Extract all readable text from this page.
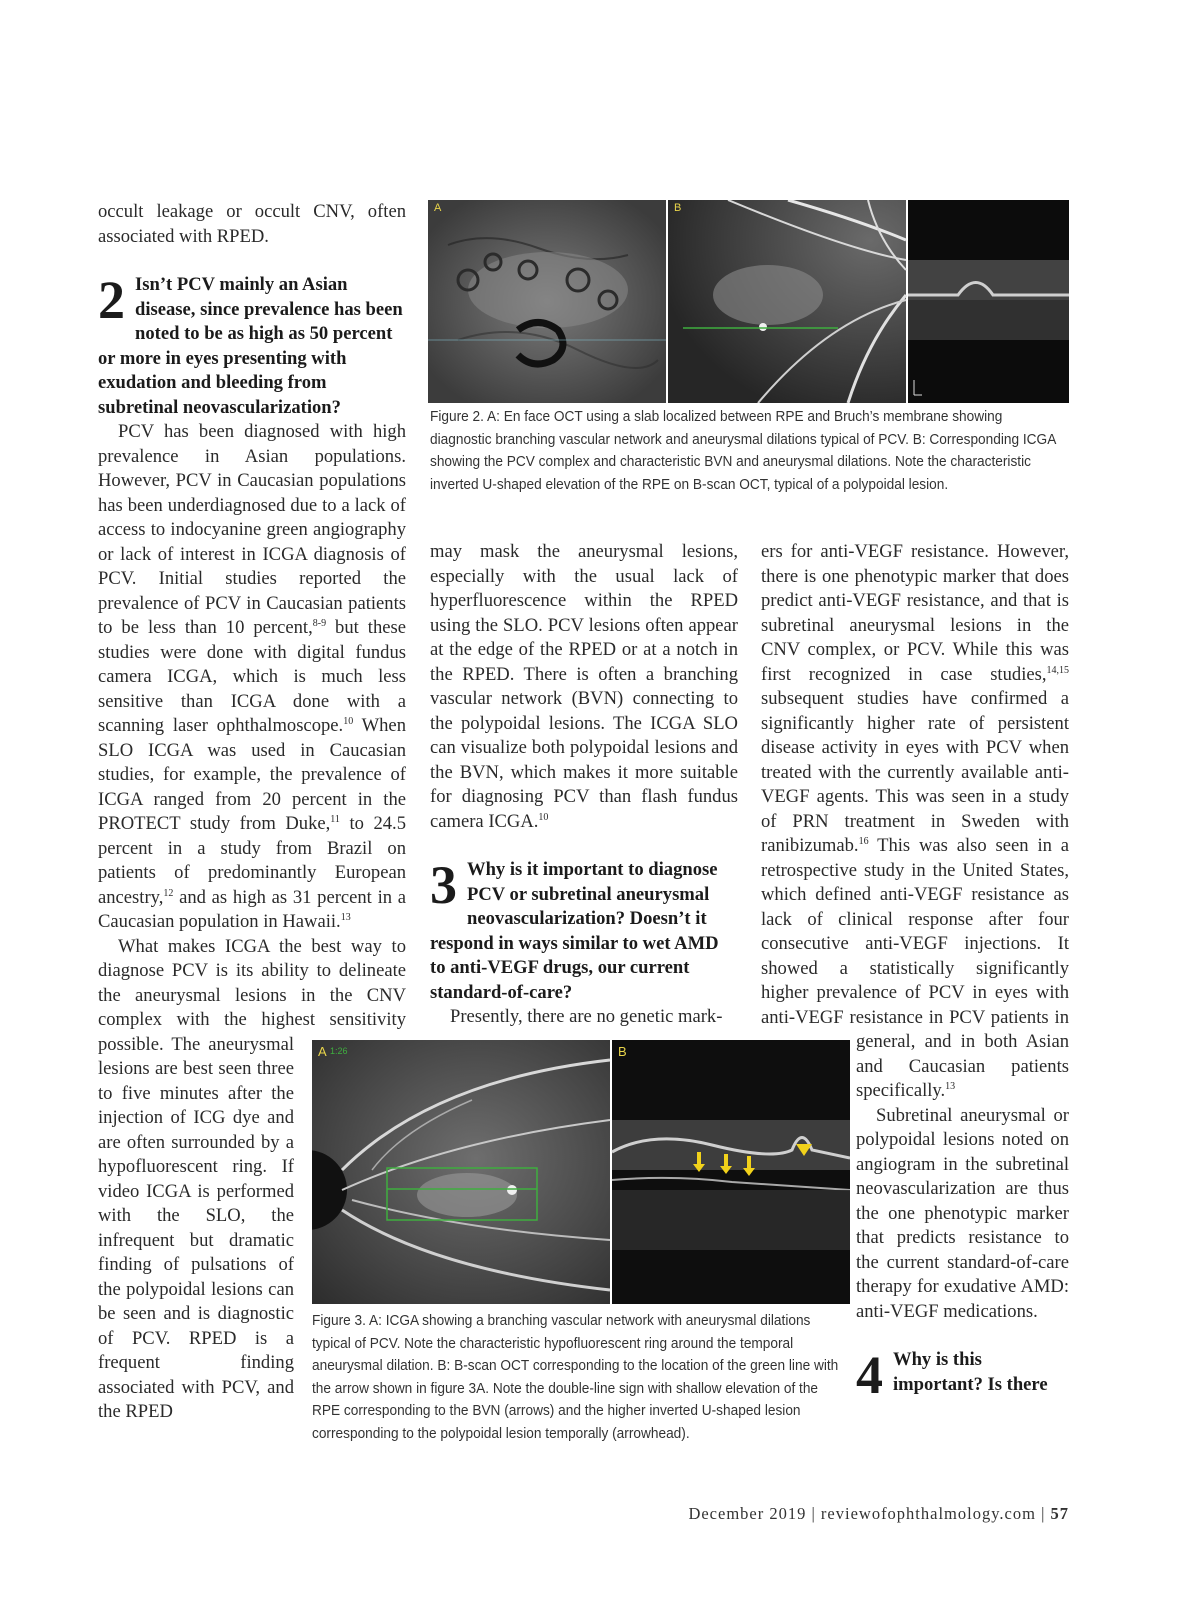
occult leakage or occult CNV, often associated with RPED.

2 Isn’t PCV mainly an Asian disease, since prevalence has been noted to be as high as 50 percent or more in eyes presenting with exudation and bleeding from subretinal neovascularization?

PCV has been diagnosed with high prevalence in Asian populations. However, PCV in Caucasian populations has been underdiagnosed due to a lack of access to indocyanine green angiography or lack of interest in ICGA diagnosis of PCV. Initial studies reported the prevalence of PCV in Caucasian patients to be less than 10 percent,$^{8-9}$ but these studies were done with digital fundus camera ICGA, which is much less sensitive than ICGA done with a scanning laser ophthalmoscope.$^{10}$ When SLO ICGA was used in Caucasian studies, for example, the prevalence of ICGA ranged from 20 percent in the PROTECT study from Duke,$^{11}$ to 24.5 percent in a study from Brazil on patients of predominantly European ancestry,$^{12}$ and as high as 31 percent in a Caucasian population in Hawaii.$^{13}$

What makes ICGA the best way to diagnose PCV is its ability to delineate the aneurysmal lesions in the CNV complex with the highest sensitivity possible. The aneurysmal lesions are best seen three to five minutes after the injection of ICG dye and are often surrounded by a hypofluorescent ring. If video ICGA is performed with the SLO, the infrequent but dramatic finding of pulsations of the polypoidal lesions can be seen and is diagnostic of PCV. RPED is a frequent finding associated with PCV, and the RPED

A	B
Figure 2. A: En face OCT using a slab localized between RPE and Bruch’s membrane showing diagnostic branching vascular network and aneurysmal dilations typical of PCV. B: Corresponding ICGA showing the PCV complex and characteristic BVN and aneurysmal dilations. Note the characteristic inverted U-shaped elevation of the RPE on B-scan OCT, typical of a polypoidal lesion.

may mask the aneurysmal lesions, especially with the usual lack of hyperfluorescence within the RPED using the SLO. PCV lesions often appear at the edge of the RPED or at a notch in the RPED. There is often a branching vascular network (BVN) connecting to the polypoidal lesions. The ICGA SLO can visualize both polypoidal lesions and the BVN, which makes it more suitable for diagnosing PCV than flash fundus camera ICGA.$^{10}$

3 Why is it important to diagnose PCV or subretinal aneurysmal neovascularization? Doesn’t it respond in ways similar to wet AMD to anti-VEGF drugs, our current standard-of-care?

Presently, there are no genetic mark-

ers for anti-VEGF resistance. However, there is one phenotypic marker that does predict anti-VEGF resistance, and that is subretinal aneurysmal lesions in the CNV complex, or PCV. While this was first recognized in case studies,$^{14,15}$ subsequent studies have confirmed a significantly higher rate of persistent disease activity in eyes with PCV when treated with the currently available anti-VEGF agents. This was seen in a study of PRN treatment in Sweden with ranibizumab.$^{16}$ This was also seen in a retrospective study in the United States, which defined anti-VEGF resistance as lack of clinical response after four consecutive anti-VEGF injections. It showed a statistically significantly higher prevalence of PCV in eyes with anti-VEGF resistance in PCV patients in general, and in both Asian and Caucasian patients specifically.$^{13}$

Subretinal aneurysmal or polypoidal lesions noted on angiogram in the subretinal neovascularization are thus the one phenotypic marker that predicts resistance to the current standard-of-care therapy for exudative AMD: anti-VEGF medications.

4 Why is this important? Is there
A 1:26	B
Figure 3. A: ICGA showing a branching vascular network with aneurysmal dilations typical of PCV. Note the characteristic hypofluorescent ring around the temporal aneurysmal dilation. B: B-scan OCT corresponding to the location of the green line with the arrow shown in figure 3A. Note the double-line sign with shallow elevation of the RPE corresponding to the BVN (arrows) and the higher inverted U-shaped lesion corresponding to the polypoidal lesion temporally (arrowhead).
December 2019 | reviewofophthalmology.com | 57
